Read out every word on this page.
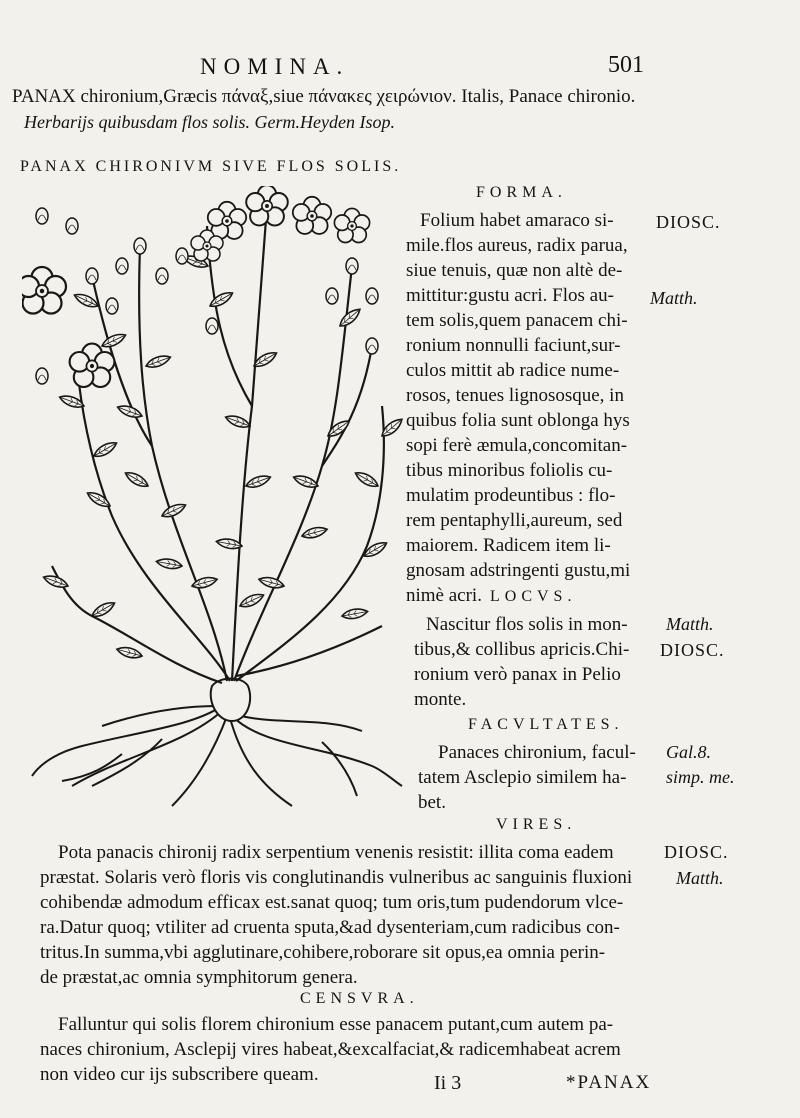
NOMINA.	501
PANAX chironium,Græcis πάναξ,siue πάνακες χειρώνιον. Italis, Panace chironio.
Herbarijs quibusdam flos solis. Germ.Heyden Isop.
PANAX CHIRONIVM SIVE FLOS SOLIS.
FORMA.
Folium habet amaraco si-
mile.flos aureus, radix parua,
siue tenuis, quæ non altè de-
mittitur:gustu acri. Flos au-
tem solis,quem panacem chi-
ronium nonnulli faciunt,sur-
culos mittit ab radice nume-
rosos, tenues lignososque, in
quibus folia sunt oblonga hys
sopi ferè æmula,concomitan-
tibus minoribus foliolis cu-
mulatim prodeuntibus : flo-
rem pentaphylli,aureum, sed
maiorem. Radicem item li-
gnosam adstringenti gustu,mi
nimè acri.
DIOSC.
Matth.
LOCVS.
Nascitur flos solis in mon-
tibus,& collibus apricis.Chi-
ronium verò panax in Pelio
monte.
Matth.
DIOSC.
FACVLTATES.
Panaces chironium, facul-
tatem Asclepio similem ha-
bet.
Gal.8.
simp. me.
VIRES.
Pota panacis chironij radix serpentium venenis resistit: illita coma eadem
præstat. Solaris verò floris vis conglutinandis vulneribus ac sanguinis fluxioni
cohibendæ admodum efficax est.sanat quoq; tum oris,tum pudendorum vlce-
ra.Datur quoq; vtiliter ad cruenta sputa,&ad dysenteriam,cum radicibus con-
tritus.In summa,vbi agglutinare,cohibere,roborare sit opus,ea omnia perin-
de præstat,ac omnia symphitorum genera.
DIOSC.
Matth.
CENSVRA.
Falluntur qui solis florem chironium esse panacem putant,cum autem pa-
naces chironium, Asclepij vires habeat,&excalfaciat,& radicemhabeat acrem
non video cur ijs subscribere queam.	Ii 3	*PANAX
